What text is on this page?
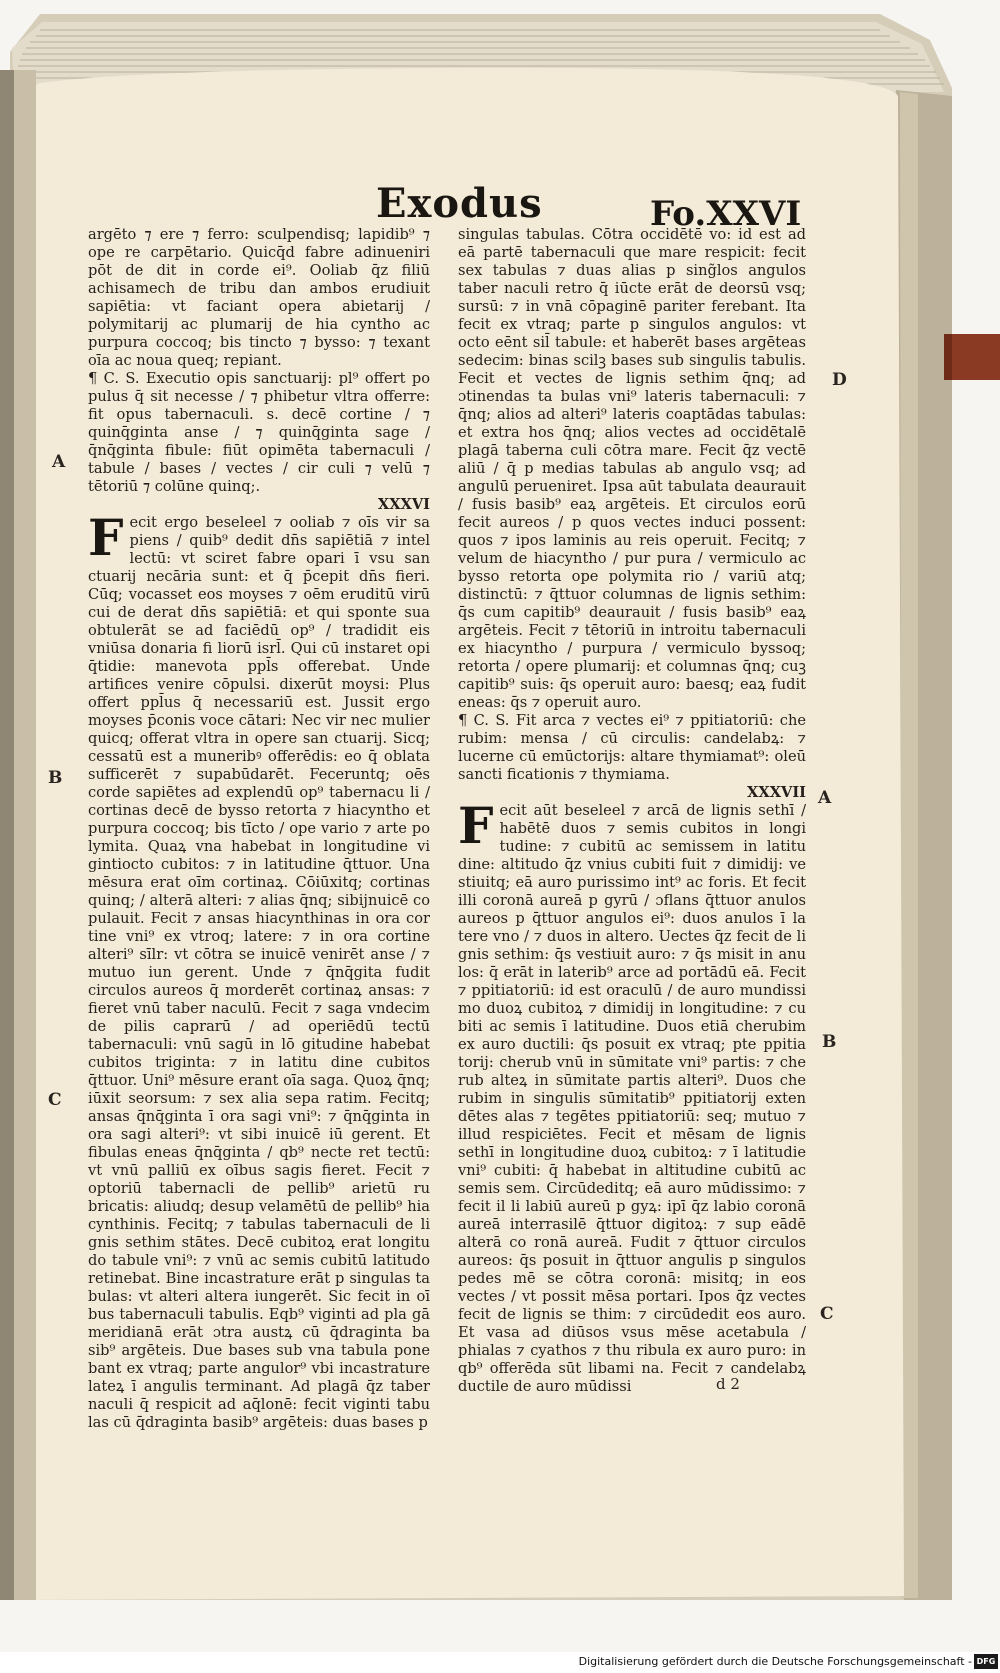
Exodus	Fo.XXVI

argēto ⁊ ere ⁊ ferro: sculpendisq; lapidib⁹ ⁊ ope re carpētario. Quicq̄d fabre adinueniri pōt de dit in corde ei⁹. Ooliab q̄z filiū achisamech de tribu dan ambos erudiuit sapiētia: vt faciant opera abietarij / polymitarij ac plumarij de hia cyntho ac purpura coccoq; bis tincto ⁊ bysso: ⁊ texant oīa ac noua queq; repiant.

¶ C. S. Executio opis sanctuarij: pl⁹ offert po pulus q̄ sit necesse / ⁊ phibetur vltra offerre: fit opus tabernaculi. s. decē cortine / ⁊ quinq̄ginta anse / ⁊ quinq̄ginta sage / q̄nq̄ginta fibule: fiūt opimēta tabernaculi / tabule / bases / vectes / cir culi ⁊ velū ⁊ tētoriū ⁊ colūne quinq;.

XXXVI

Fecit ergo beseleel ⁊ ooliab ⁊ oīs vir sa piens / quib⁹ dedit dn̄s sapiētiā ⁊ intel lectū: vt sciret fabre opari ī vsu san ctuarij necāria sunt: et q̄ p̄cepit dn̄s fieri. Cūq; vocasset eos moyses ⁊ oēm eruditū virū cui de derat dn̄s sapiētiā: et qui sponte sua obtulerāt se ad faciēdū op⁹ / tradidit eis vniūsa donaria fi liorū isrl̄. Qui cū instaret opi q̄tidie: manevota ppl̄s offerebat. Unde artifices venire cōpulsi. dixerūt moysi: Plus offert ppl̄us q̄ necessariū est. Jussit ergo moyses p̄conis voce cātari: Nec vir nec mulier quicq; offerat vltra in opere san ctuarij. Sicq; cessatū est a muneribꝰ offerēdis: eo q̄ oblata sufficerēt ⁊ supabūdarēt. Feceruntq; oēs corde sapiētes ad explendū op⁹ tabernacu li / cortinas decē de bysso retorta ⁊ hiacyntho et purpura coccoq; bis tīcto / ope vario ⁊ arte po lymita. Quaꝝ vna habebat in longitudine vi gintiocto cubitos: ⁊ in latitudine q̄ttuor. Una mēsura erat oīm cortinaꝝ. Cōiūxitq; cortinas quinq; / alterā alteri: ⁊ alias q̄nq; sibijnuicē co pulauit. Fecit ⁊ ansas hiacynthinas in ora cor tine vni⁹ ex vtroq; latere: ⁊ in ora cortine alteri⁹ sīlr: vt cōtra se inuicē venirēt anse / ⁊ mutuo iun gerent. Unde ⁊ q̄nq̄gita fudit circulos aureos q̄ morderēt cortinaꝝ ansas: ⁊ fieret vnū taber naculū. Fecit ⁊ saga vndecim de pilis caprarū / ad operiēdū tectū tabernaculi: vnū sagū in lō gitudine habebat cubitos triginta: ⁊ in latitu dine cubitos q̄ttuor. Uni⁹ mēsure erant oīa saga. Quoꝝ q̄nq; iūxit seorsum: ⁊ sex alia sepa ratim. Fecitq; ansas q̄nq̄ginta ī ora sagi vni⁹: ⁊ q̄nq̄ginta in ora sagi alteri⁹: vt sibi inuicē iū gerent. Et fibulas eneas q̄nq̄ginta / qb⁹ necte ret tectū: vt vnū palliū ex oībus sagis fieret. Fecit ⁊ optoriū tabernacli de pellib⁹ arietū ru bricatis: aliudq; desup velamētū de pellib⁹ hia cynthinis. Fecitq; ⁊ tabulas tabernaculi de li gnis sethim stātes. Decē cubitoꝝ erat longitu do tabule vni⁹: ⁊ vnū ac semis cubitū latitudo retinebat. Bine incastrature erāt p singulas ta bulas: vt alteri altera iungerēt. Sic fecit in oī bus tabernaculi tabulis. Eqb⁹ viginti ad pla gā meridianā erāt ɔtra austꝝ cū q̄draginta ba sib⁹ argēteis. Due bases sub vna tabula pone bant ex vtraq; parte angulor⁹ vbi incastrature lateꝝ ī angulis terminant. Ad plagā q̄z taber naculi q̄ respicit ad aq̄lonē: fecit viginti tabu las cū q̄draginta basib⁹ argēteis: duas bases p

singulas tabulas. Cōtra occidētē vo: id est ad eā partē tabernaculi que mare respicit: fecit sex tabulas ⁊ duas alias p sing̃los angulos taber naculi retro q̄ iūcte erāt de deorsū vsq; sursū: ⁊ in vnā cōpaginē pariter ferebant. Ita fecit ex vtraq; parte p singulos angulos: vt octo eēnt sil̄ tabule: et haberēt bases argēteas sedecim: binas scilꝫ bases sub singulis tabulis. Fecit et vectes de lignis sethim q̄nq; ad ɔtinendas ta bulas vni⁹ lateris tabernaculi: ⁊ q̄nq; alios ad alteri⁹ lateris coaptādas tabulas: et extra hos q̄nq; alios vectes ad occidētalē plagā taberna culi cōtra mare. Fecit q̄z vectē aliū / q̄ p medias tabulas ab angulo vsq; ad angulū perueniret. Ipsa aūt tabulata deaurauit / fusis basib⁹ eaꝝ argēteis. Et circulos eorū fecit aureos / p quos vectes induci possent: quos ⁊ ipos laminis au reis operuit. Fecitq; ⁊ velum de hiacyntho / pur pura / vermiculo ac bysso retorta ope polymita rio / variū atq; distinctū: ⁊ q̄ttuor columnas de lignis sethim: q̄s cum capitib⁹ deaurauit / fusis basib⁹ eaꝝ argēteis. Fecit ⁊ tētoriū in introitu tabernaculi ex hiacyntho / purpura / vermiculo byssoq; retorta / opere plumarij: et columnas q̄nq; cuꝫ capitib⁹ suis: q̄s operuit auro: baesq; eaꝝ fudit eneas: q̄s ⁊ operuit auro.

¶ C. S. Fit arca ⁊ vectes ei⁹ ⁊ ppitiatoriū: che rubim: mensa / cū circulis: candelabꝝ: ⁊ lucerne cū emūctorijs: altare thymiamat⁹: oleū sancti ficationis ⁊ thymiama.

XXXVII

Fecit aūt beseleel ⁊ arcā de lignis sethī / habētē duos ⁊ semis cubitos in longi tudine: ⁊ cubitū ac semissem in latitu dine: altitudo q̄z vnius cubiti fuit ⁊ dimidij: ve stiuitq; eā auro purissimo int⁹ ac foris. Et fecit illi coronā aureā p gyrū / ɔflans q̄ttuor anulos aureos p q̄ttuor angulos ei⁹: duos anulos ī la tere vno / ⁊ duos in altero. Uectes q̄z fecit de li gnis sethim: q̄s vestiuit auro: ⁊ q̄s misit in anu los: q̄ erāt in laterib⁹ arce ad portādū eā. Fecit ⁊ ppitiatoriū: id est oraculū / de auro mundissi mo duoꝝ cubitoꝝ ⁊ dimidij in longitudine: ⁊ cu biti ac semis ī latitudine. Duos etiā cherubim ex auro ductili: q̄s posuit ex vtraq; pte ppitia torij: cherub vnū in sūmitate vni⁹ partis: ⁊ che rub alteꝝ in sūmitate partis alteri⁹. Duos che rubim in singulis sūmitatib⁹ ppitiatorij exten dētes alas ⁊ tegētes ppitiatoriū: seq; mutuo ⁊ illud respiciētes. Fecit et mēsam de lignis sethī in longitudine duoꝝ cubitoꝝ: ⁊ ī latitudie vni⁹ cubiti: q̄ habebat in altitudine cubitū ac semis sem. Circūdeditq; eā auro mūdissimo: ⁊ fecit il li labiū aureū p gyꝝ: ipī q̄z labio coronā aureā interrasilē q̄ttuor digitoꝝ: ⁊ sup eādē alterā co ronā aureā. Fudit ⁊ q̄ttuor circulos aureos: q̄s posuit in q̄ttuor angulis p singulos pedes mē se cōtra coronā: misitq; in eos vectes / vt possit mēsa portari. Ipos q̄z vectes fecit de lignis se thim: ⁊ circūdedit eos auro. Et vasa ad diūsos vsus mēse acetabula / phialas ⁊ cyathos ⁊ thu ribula ex auro puro: in qb⁹ offerēda sūt libami na. Fecit ⁊ candelabꝝ ductile de auro mūdissi

A
B
C
D
A
B
C
d 2
Digitalisierung gefördert durch die Deutsche Forschungsgemeinschaft - DFG
